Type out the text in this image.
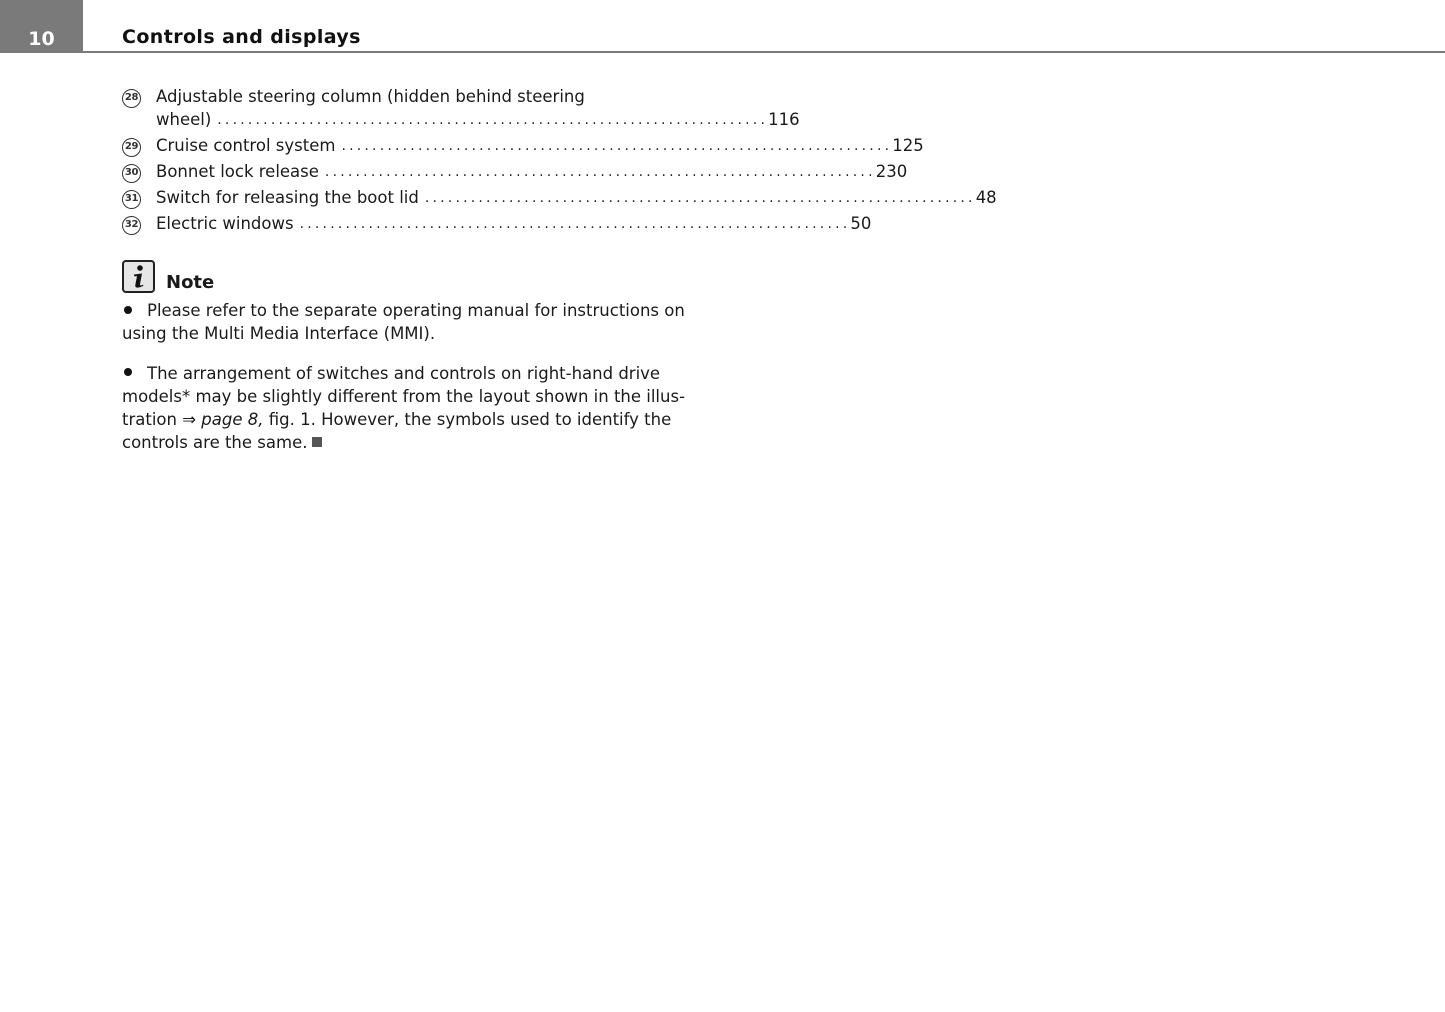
10	Controls and displays
28 Adjustable steering column (hidden behind steering
wheel) ........................................................................ 116
29 Cruise control system ........................................................................ 125
30 Bonnet lock release ........................................................................ 230
31 Switch for releasing the boot lid ........................................................................ 48
32 Electric windows ........................................................................ 50
Note

Please refer to the separate operating manual for instructions on using the Multi Media Interface (MMI).

The arrangement of switches and controls on right-hand drive models* may be slightly different from the layout shown in the illus-tration ⇒ page 8, fig. 1. However, the symbols used to identify the controls are the same.
